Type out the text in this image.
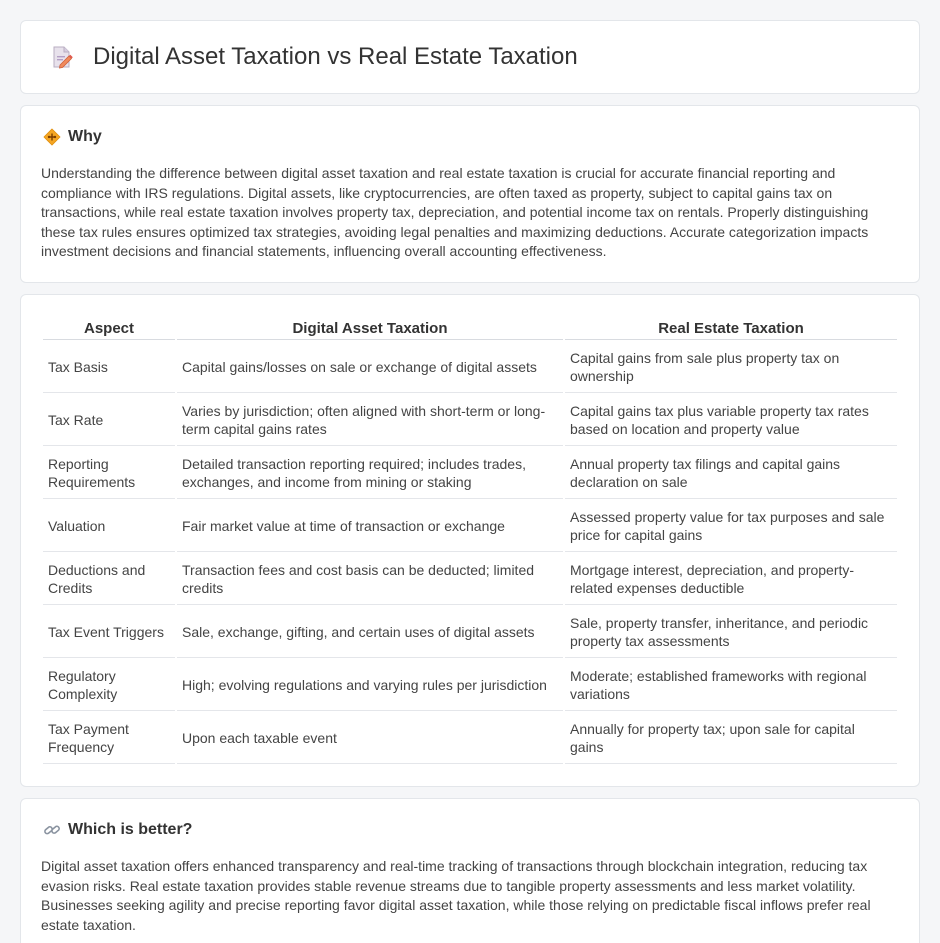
Digital Asset Taxation vs Real Estate Taxation
Why

Understanding the difference between digital asset taxation and real estate taxation is crucial for accurate financial reporting and compliance with IRS regulations. Digital assets, like cryptocurrencies, are often taxed as property, subject to capital gains tax on transactions, while real estate taxation involves property tax, depreciation, and potential income tax on rentals. Properly distinguishing these tax rules ensures optimized tax strategies, avoiding legal penalties and maximizing deductions. Accurate categorization impacts investment decisions and financial statements, influencing overall accounting effectiveness.

Aspect	Digital Asset Taxation	Real Estate Taxation
Tax Basis	Capital gains/losses on sale or exchange of digital assets	Capital gains from sale plus property tax on ownership
Tax Rate	Varies by jurisdiction; often aligned with short-term or long-term capital gains rates	Capital gains tax plus variable property tax rates based on location and property value
Reporting Requirements	Detailed transaction reporting required; includes trades, exchanges, and income from mining or staking	Annual property tax filings and capital gains declaration on sale
Valuation	Fair market value at time of transaction or exchange	Assessed property value for tax purposes and sale price for capital gains
Deductions and Credits	Transaction fees and cost basis can be deducted; limited credits	Mortgage interest, depreciation, and property-related expenses deductible
Tax Event Triggers	Sale, exchange, gifting, and certain uses of digital assets	Sale, property transfer, inheritance, and periodic property tax assessments
Regulatory Complexity	High; evolving regulations and varying rules per jurisdiction	Moderate; established frameworks with regional variations
Tax Payment Frequency	Upon each taxable event	Annually for property tax; upon sale for capital gains
Which is better?

Digital asset taxation offers enhanced transparency and real-time tracking of transactions through blockchain integration, reducing tax evasion risks. Real estate taxation provides stable revenue streams due to tangible property assessments and less market volatility. Businesses seeking agility and precise reporting favor digital asset taxation, while those relying on predictable fiscal inflows prefer real estate taxation.
